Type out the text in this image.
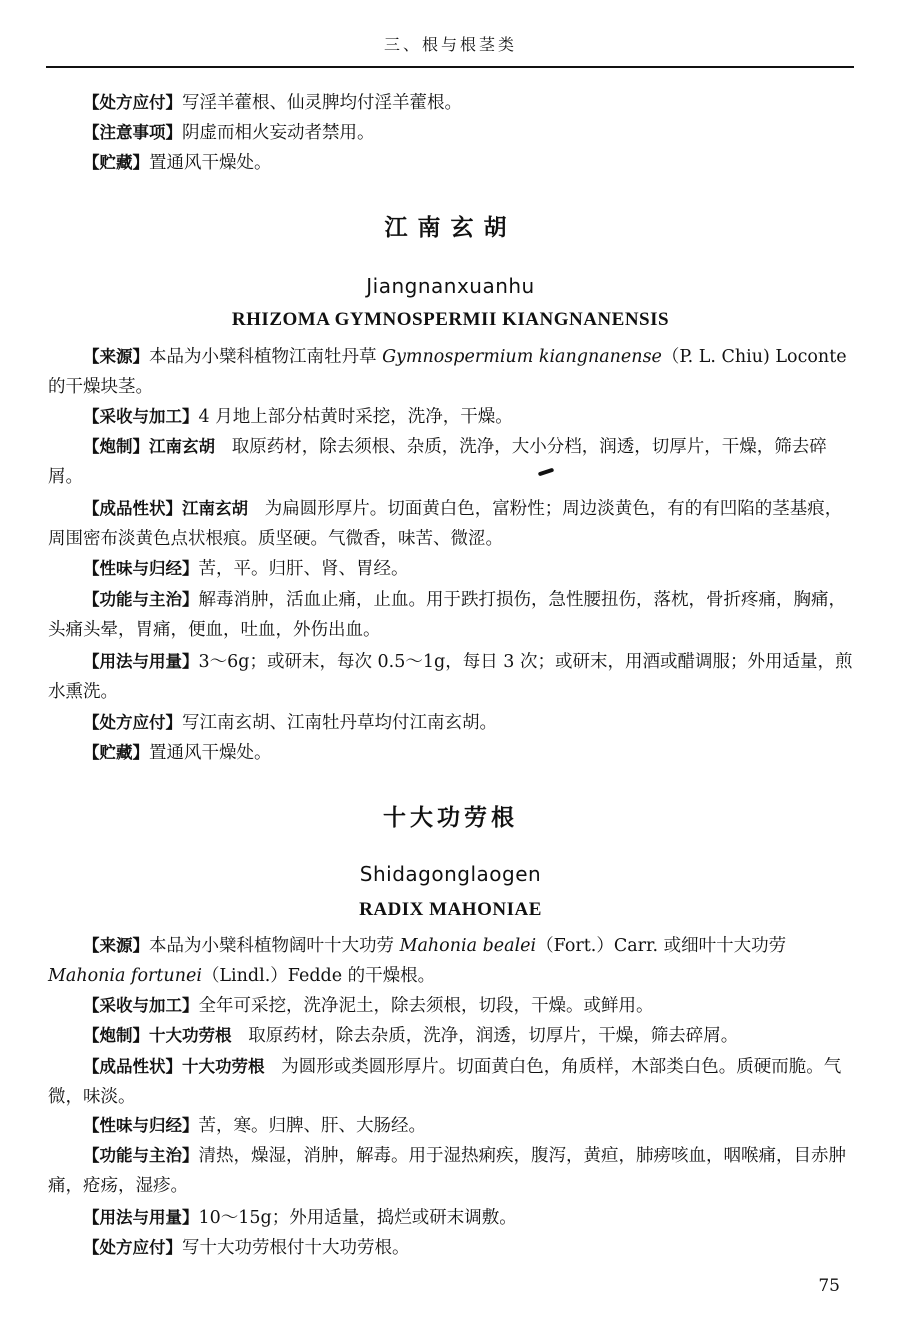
三、根与根茎类

【处方应付】写淫羊藿根、仙灵脾均付淫羊藿根。

【注意事项】阴虚而相火妄动者禁用。

【贮藏】置通风干燥处。

江南玄胡
Jiangnanxuanhu
RHIZOMA GYMNOSPERMII KIANGNANENSIS

【来源】本品为小檗科植物江南牡丹草 Gymnospermium kiangnanense（P. L. Chiu) Loconte 的干燥块茎。

【采收与加工】4 月地上部分枯黄时采挖，洗净，干燥。

【炮制】江南玄胡 取原药材，除去须根、杂质，洗净，大小分档，润透，切厚片，干燥，筛去碎屑。

【成品性状】江南玄胡 为扁圆形厚片。切面黄白色，富粉性；周边淡黄色，有的有凹陷的茎基痕，周围密布淡黄色点状根痕。质坚硬。气微香，味苦、微涩。

【性味与归经】苦，平。归肝、肾、胃经。

【功能与主治】解毒消肿，活血止痛，止血。用于跌打损伤，急性腰扭伤，落枕，骨折疼痛，胸痛，头痛头晕，胃痛，便血，吐血，外伤出血。

【用法与用量】3～6g；或研末，每次 0.5～1g，每日 3 次；或研末，用酒或醋调服；外用适量，煎水熏洗。

【处方应付】写江南玄胡、江南牡丹草均付江南玄胡。

【贮藏】置通风干燥处。

十大功劳根
Shidagonglaogen
RADIX MAHONIAE

【来源】本品为小檗科植物阔叶十大功劳 Mahonia bealei（Fort.）Carr. 或细叶十大功劳 Mahonia fortunei（Lindl.）Fedde 的干燥根。

【采收与加工】全年可采挖，洗净泥土，除去须根，切段，干燥。或鲜用。

【炮制】十大功劳根 取原药材，除去杂质，洗净，润透，切厚片，干燥，筛去碎屑。

【成品性状】十大功劳根 为圆形或类圆形厚片。切面黄白色，角质样，木部类白色。质硬而脆。气微，味淡。

【性味与归经】苦，寒。归脾、肝、大肠经。

【功能与主治】清热，燥湿，消肿，解毒。用于湿热痢疾，腹泻，黄疸，肺痨咳血，咽喉痛，目赤肿痛，疮疡，湿疹。

【用法与用量】10～15g；外用适量，捣烂或研末调敷。

【处方应付】写十大功劳根付十大功劳根。

75
